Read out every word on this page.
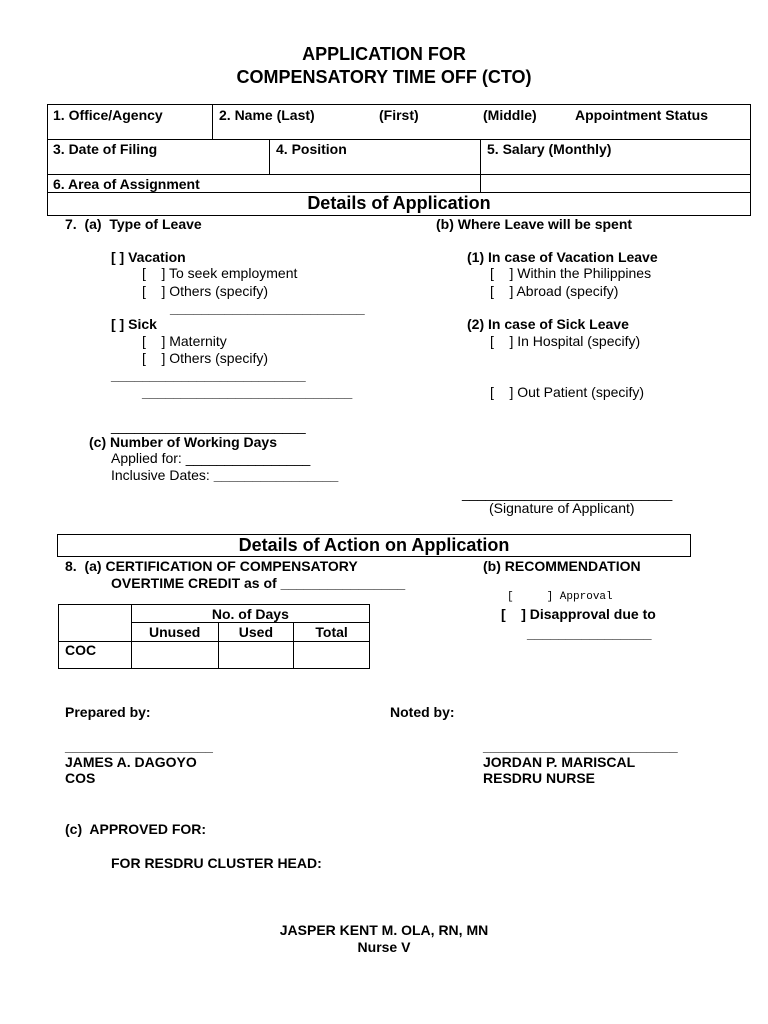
APPLICATION FOR
COMPENSATORY TIME OFF (CTO)
1. Office/Agency	2. Name (Last)	(First)	(Middle)	Appointment Status
3. Date of Filing	4. Position	5. Salary (Monthly)
6. Area of Assignment
Details of Application
7.  (a)  Type of Leave	(b) Where Leave will be spent
[ ] Vacation
[    ] To seek employment
[    ] Others (specify)
_________________________
[ ] Sick
[    ] Maternity
[    ] Others (specify)
_________________________
___________________________
_________________________
(1) In case of Vacation Leave
[    ] Within the Philippines
[    ] Abroad (specify)
(2) In case of Sick Leave
[    ] In Hospital (specify)
[    ] Out Patient (specify)
(c) Number of Working Days
Applied for: ________________
Inclusive Dates: ________________
___________________________
(Signature of Applicant)
Details of Action on Application
8.  (a) CERTIFICATION OF COMPENSATORY
OVERTIME CREDIT as of ________________
(b) RECOMMENDATION
[     ] Approval
[    ] Disapproval due to
________________
	No. of Days		
	Unused	Used	Total
COC			
Prepared by:	Noted by:
___________________
JAMES A. DAGOYO
COS
_________________________
JORDAN P. MARISCAL
RESDRU NURSE
(c)  APPROVED FOR:
FOR RESDRU CLUSTER HEAD:
JASPER KENT M. OLA, RN, MN
Nurse V
